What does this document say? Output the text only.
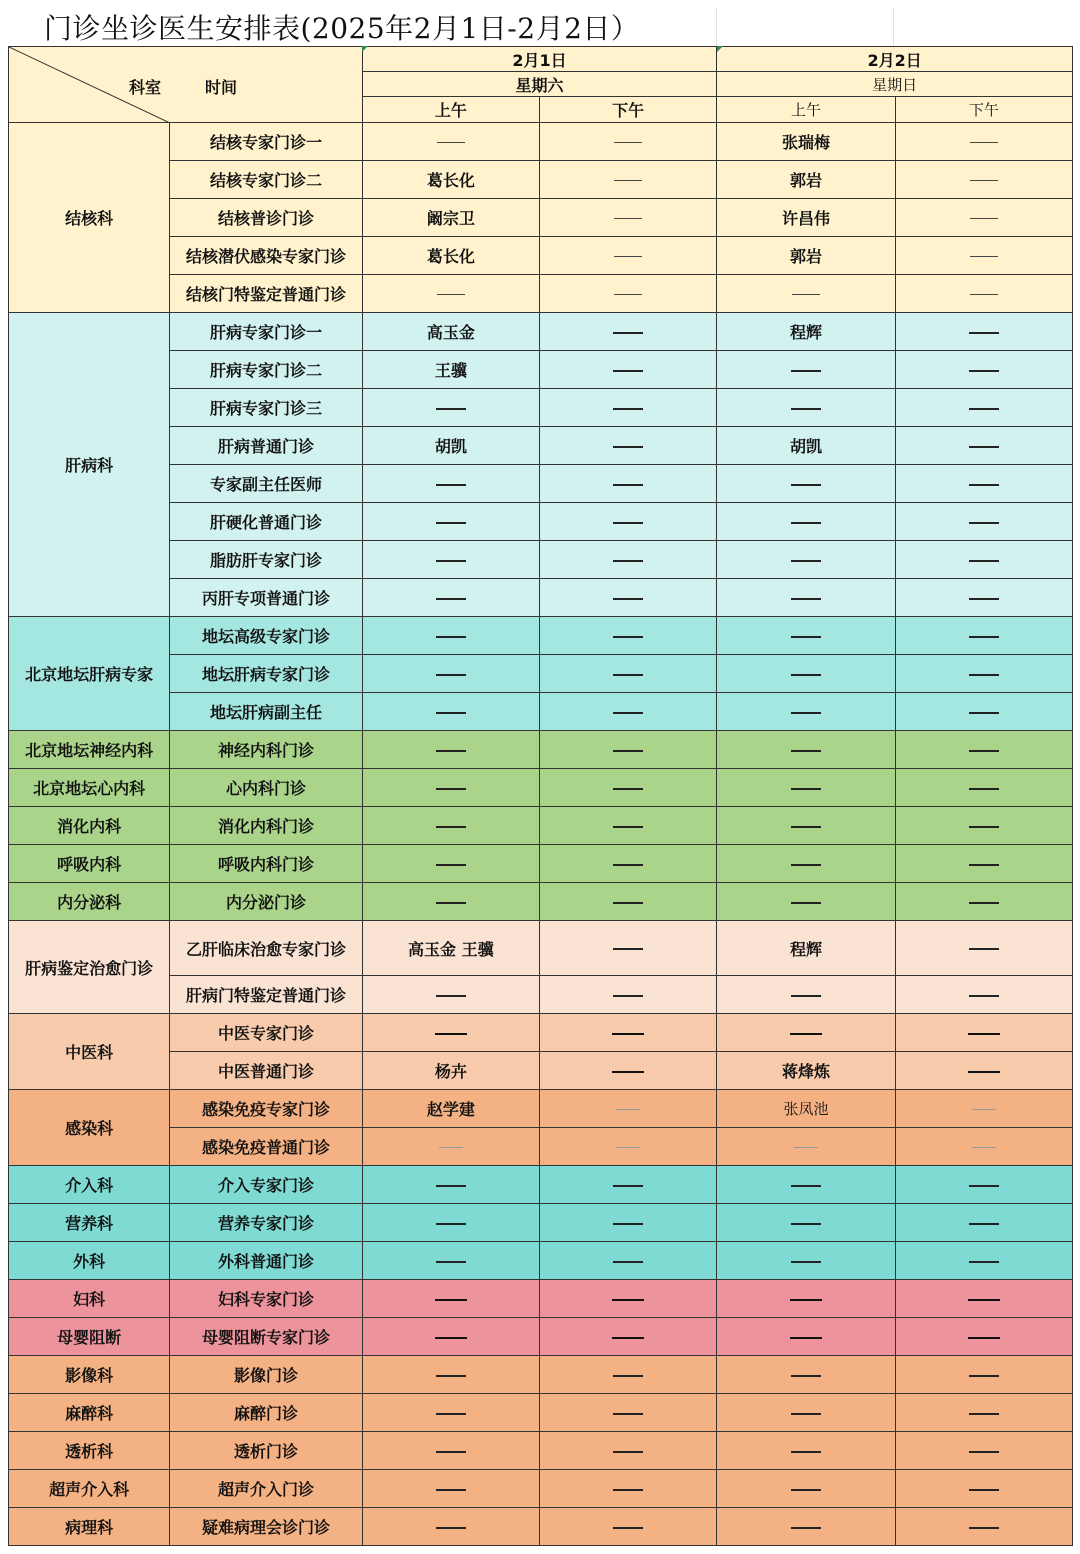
门诊坐诊医生安排表(2025年2月1日-2月2日）
科室 时间		2月1日		2月2日	
		星期六		星期日	
		上午	下午	上午	下午
结核科	结核专家门诊一			张瑞梅	
	结核专家门诊二	葛长化		郭岩	
	结核普诊门诊	阚宗卫		许昌伟	
	结核潜伏感染专家门诊	葛长化		郭岩	
	结核门特鉴定普通门诊				
肝病科	肝病专家门诊一	高玉金		程辉	
	肝病专家门诊二	王骥			
	肝病专家门诊三				
	肝病普通门诊	胡凯		胡凯	
	专家副主任医师				
	肝硬化普通门诊				
	脂肪肝专家门诊				
	丙肝专项普通门诊				
北京地坛肝病专家	地坛高级专家门诊				
	地坛肝病专家门诊				
	地坛肝病副主任				
北京地坛神经内科	神经内科门诊				
北京地坛心内科	心内科门诊				
消化内科	消化内科门诊				
呼吸内科	呼吸内科门诊				
内分泌科	内分泌门诊				
肝病鉴定治愈门诊	乙肝临床治愈专家门诊	高玉金 王骥		程辉	
	肝病门特鉴定普通门诊				
中医科	中医专家门诊				
	中医普通门诊	杨卉		蒋烽炼	
感染科	感染免疫专家门诊	赵学建		张凤池	
	感染免疫普通门诊				
介入科	介入专家门诊				
营养科	营养专家门诊				
外科	外科普通门诊				
妇科	妇科专家门诊				
母婴阻断	母婴阻断专家门诊				
影像科	影像门诊				
麻醉科	麻醉门诊				
透析科	透析门诊				
超声介入科	超声介入门诊				
病理科	疑难病理会诊门诊				
